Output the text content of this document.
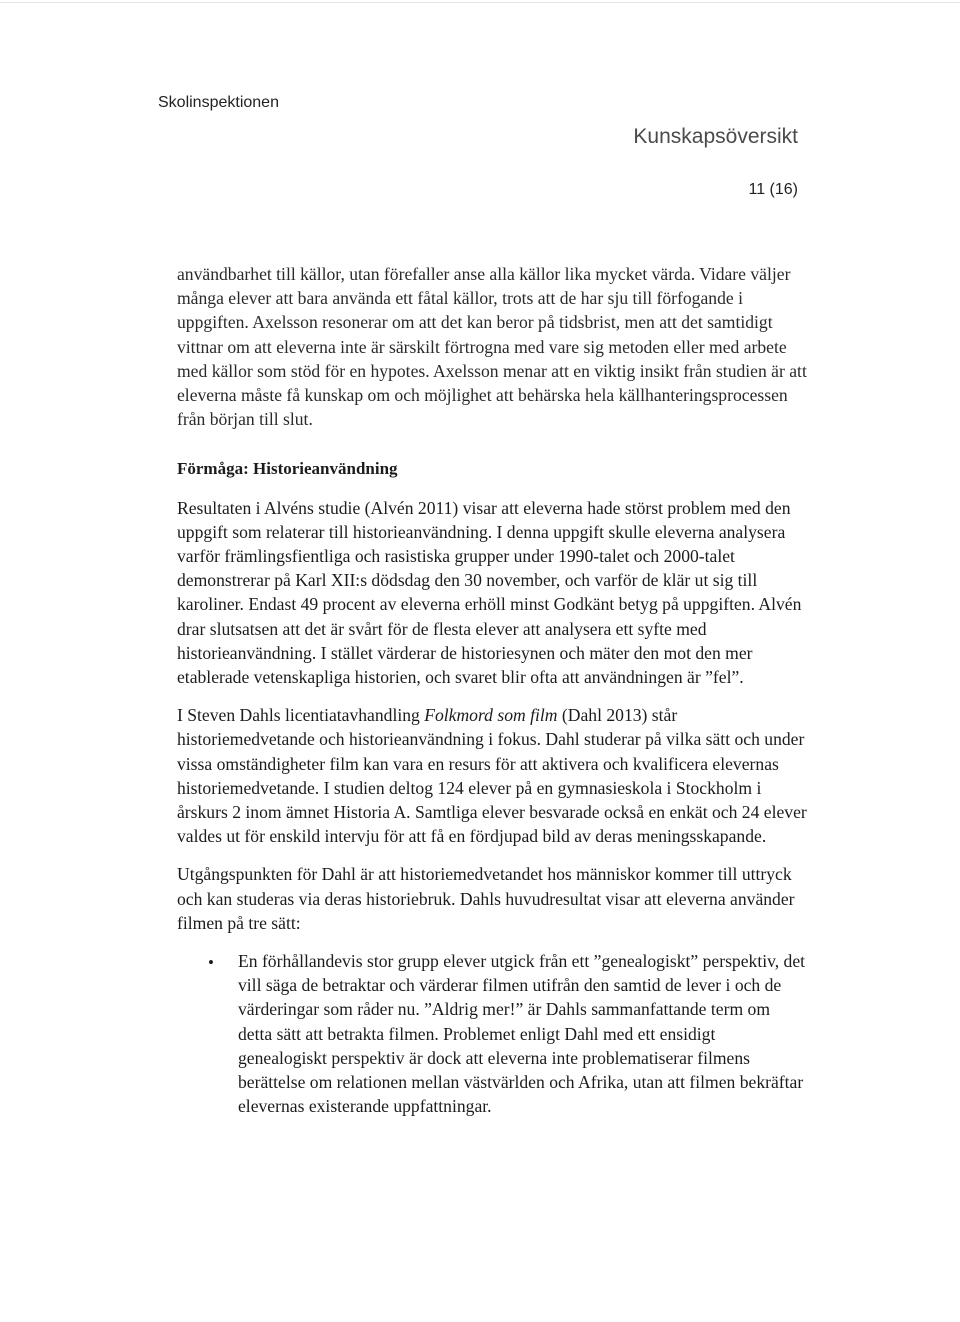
Skolinspektionen
Kunskapsöversikt
11 (16)

användbarhet till källor, utan förefaller anse alla källor lika mycket värda. Vidare väljer många elever att bara använda ett fåtal källor, trots att de har sju till förfogande i uppgiften. Axelsson resonerar om att det kan beror på tidsbrist, men att det samtidigt vittnar om att eleverna inte är särskilt förtrogna med vare sig metoden eller med arbete med källor som stöd för en hypotes. Axelsson menar att en viktig insikt från studien är att eleverna måste få kunskap om och möjlighet att behärska hela källhanteringsprocessen från början till slut.

Förmåga: Historieanvändning

Resultaten i Alvéns studie (Alvén 2011) visar att eleverna hade störst problem med den uppgift som relaterar till historieanvändning. I denna uppgift skulle eleverna analysera varför främlingsfientliga och rasistiska grupper under 1990-talet och 2000-talet demonstrerar på Karl XII:s dödsdag den 30 november, och varför de klär ut sig till karoliner. Endast 49 procent av eleverna erhöll minst Godkänt betyg på uppgiften. Alvén drar slutsatsen att det är svårt för de flesta elever att analysera ett syfte med historieanvändning. I stället värderar de historiesynen och mäter den mot den mer etablerade vetenskapliga historien, och svaret blir ofta att användningen är ”fel”.

I Steven Dahls licentiatavhandling Folkmord som film (Dahl 2013) står historiemedvetande och historieanvändning i fokus. Dahl studerar på vilka sätt och under vissa omständigheter film kan vara en resurs för att aktivera och kvalificera elevernas historiemedvetande. I studien deltog 124 elever på en gymnasieskola i Stockholm i årskurs 2 inom ämnet Historia A. Samtliga elever besvarade också en enkät och 24 elever valdes ut för enskild intervju för att få en fördjupad bild av deras meningsskapande.

Utgångspunkten för Dahl är att historiemedvetandet hos människor kommer till uttryck och kan studeras via deras historiebruk. Dahls huvudresultat visar att eleverna använder filmen på tre sätt:

• En förhållandevis stor grupp elever utgick från ett ”genealogiskt” perspektiv, det vill säga de betraktar och värderar filmen utifrån den samtid de lever i och de värderingar som råder nu. ”Aldrig mer!” är Dahls sammanfattande term om detta sätt att betrakta filmen. Problemet enligt Dahl med ett ensidigt genealogiskt perspektiv är dock att eleverna inte problematiserar filmens berättelse om relationen mellan västvärlden och Afrika, utan att filmen bekräftar elevernas existerande uppfattningar.
